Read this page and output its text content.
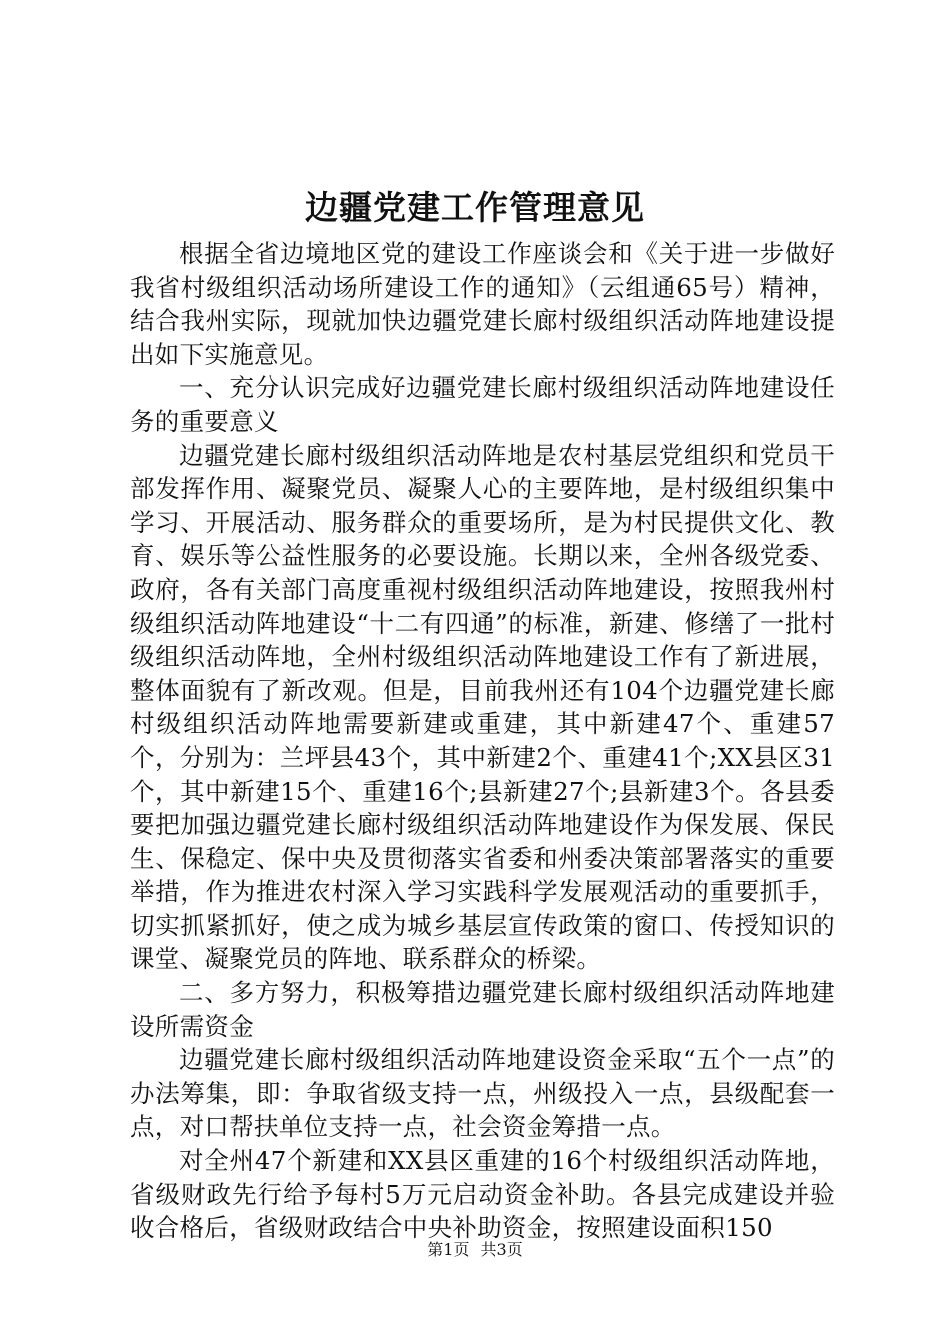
边疆党建工作管理意见

根据全省边境地区党的建设工作座谈会和《关于进一步做好我省村级组织活动场所建设工作的通知》（云组通65号）精神，结合我州实际，现就加快边疆党建长廊村级组织活动阵地建设提出如下实施意见。

一、充分认识完成好边疆党建长廊村级组织活动阵地建设任务的重要意义

边疆党建长廊村级组织活动阵地是农村基层党组织和党员干部发挥作用、凝聚党员、凝聚人心的主要阵地，是村级组织集中学习、开展活动、服务群众的重要场所，是为村民提供文化、教育、娱乐等公益性服务的必要设施。长期以来，全州各级党委、政府，各有关部门高度重视村级组织活动阵地建设，按照我州村级组织活动阵地建设“十二有四通”的标准，新建、修缮了一批村级组织活动阵地，全州村级组织活动阵地建设工作有了新进展，整体面貌有了新改观。但是，目前我州还有104个边疆党建长廊村级组织活动阵地需要新建或重建，其中新建47个、重建57个，分别为：兰坪县43个，其中新建2个、重建41个;XX县区31个，其中新建15个、重建16个;县新建27个;县新建3个。各县委要把加强边疆党建长廊村级组织活动阵地建设作为保发展、保民生、保稳定、保中央及贯彻落实省委和州委决策部署落实的重要举措，作为推进农村深入学习实践科学发展观活动的重要抓手，切实抓紧抓好，使之成为城乡基层宣传政策的窗口、传授知识的课堂、凝聚党员的阵地、联系群众的桥梁。

二、多方努力，积极筹措边疆党建长廊村级组织活动阵地建设所需资金

边疆党建长廊村级组织活动阵地建设资金采取“五个一点”的办法筹集，即：争取省级支持一点，州级投入一点，县级配套一点，对口帮扶单位支持一点，社会资金筹措一点。

对全州47个新建和XX县区重建的16个村级组织活动阵地，省级财政先行给予每村5万元启动资金补助。各县完成建设并验收合格后，省级财政结合中央补助资金，按照建设面积150

第1页 共3页
